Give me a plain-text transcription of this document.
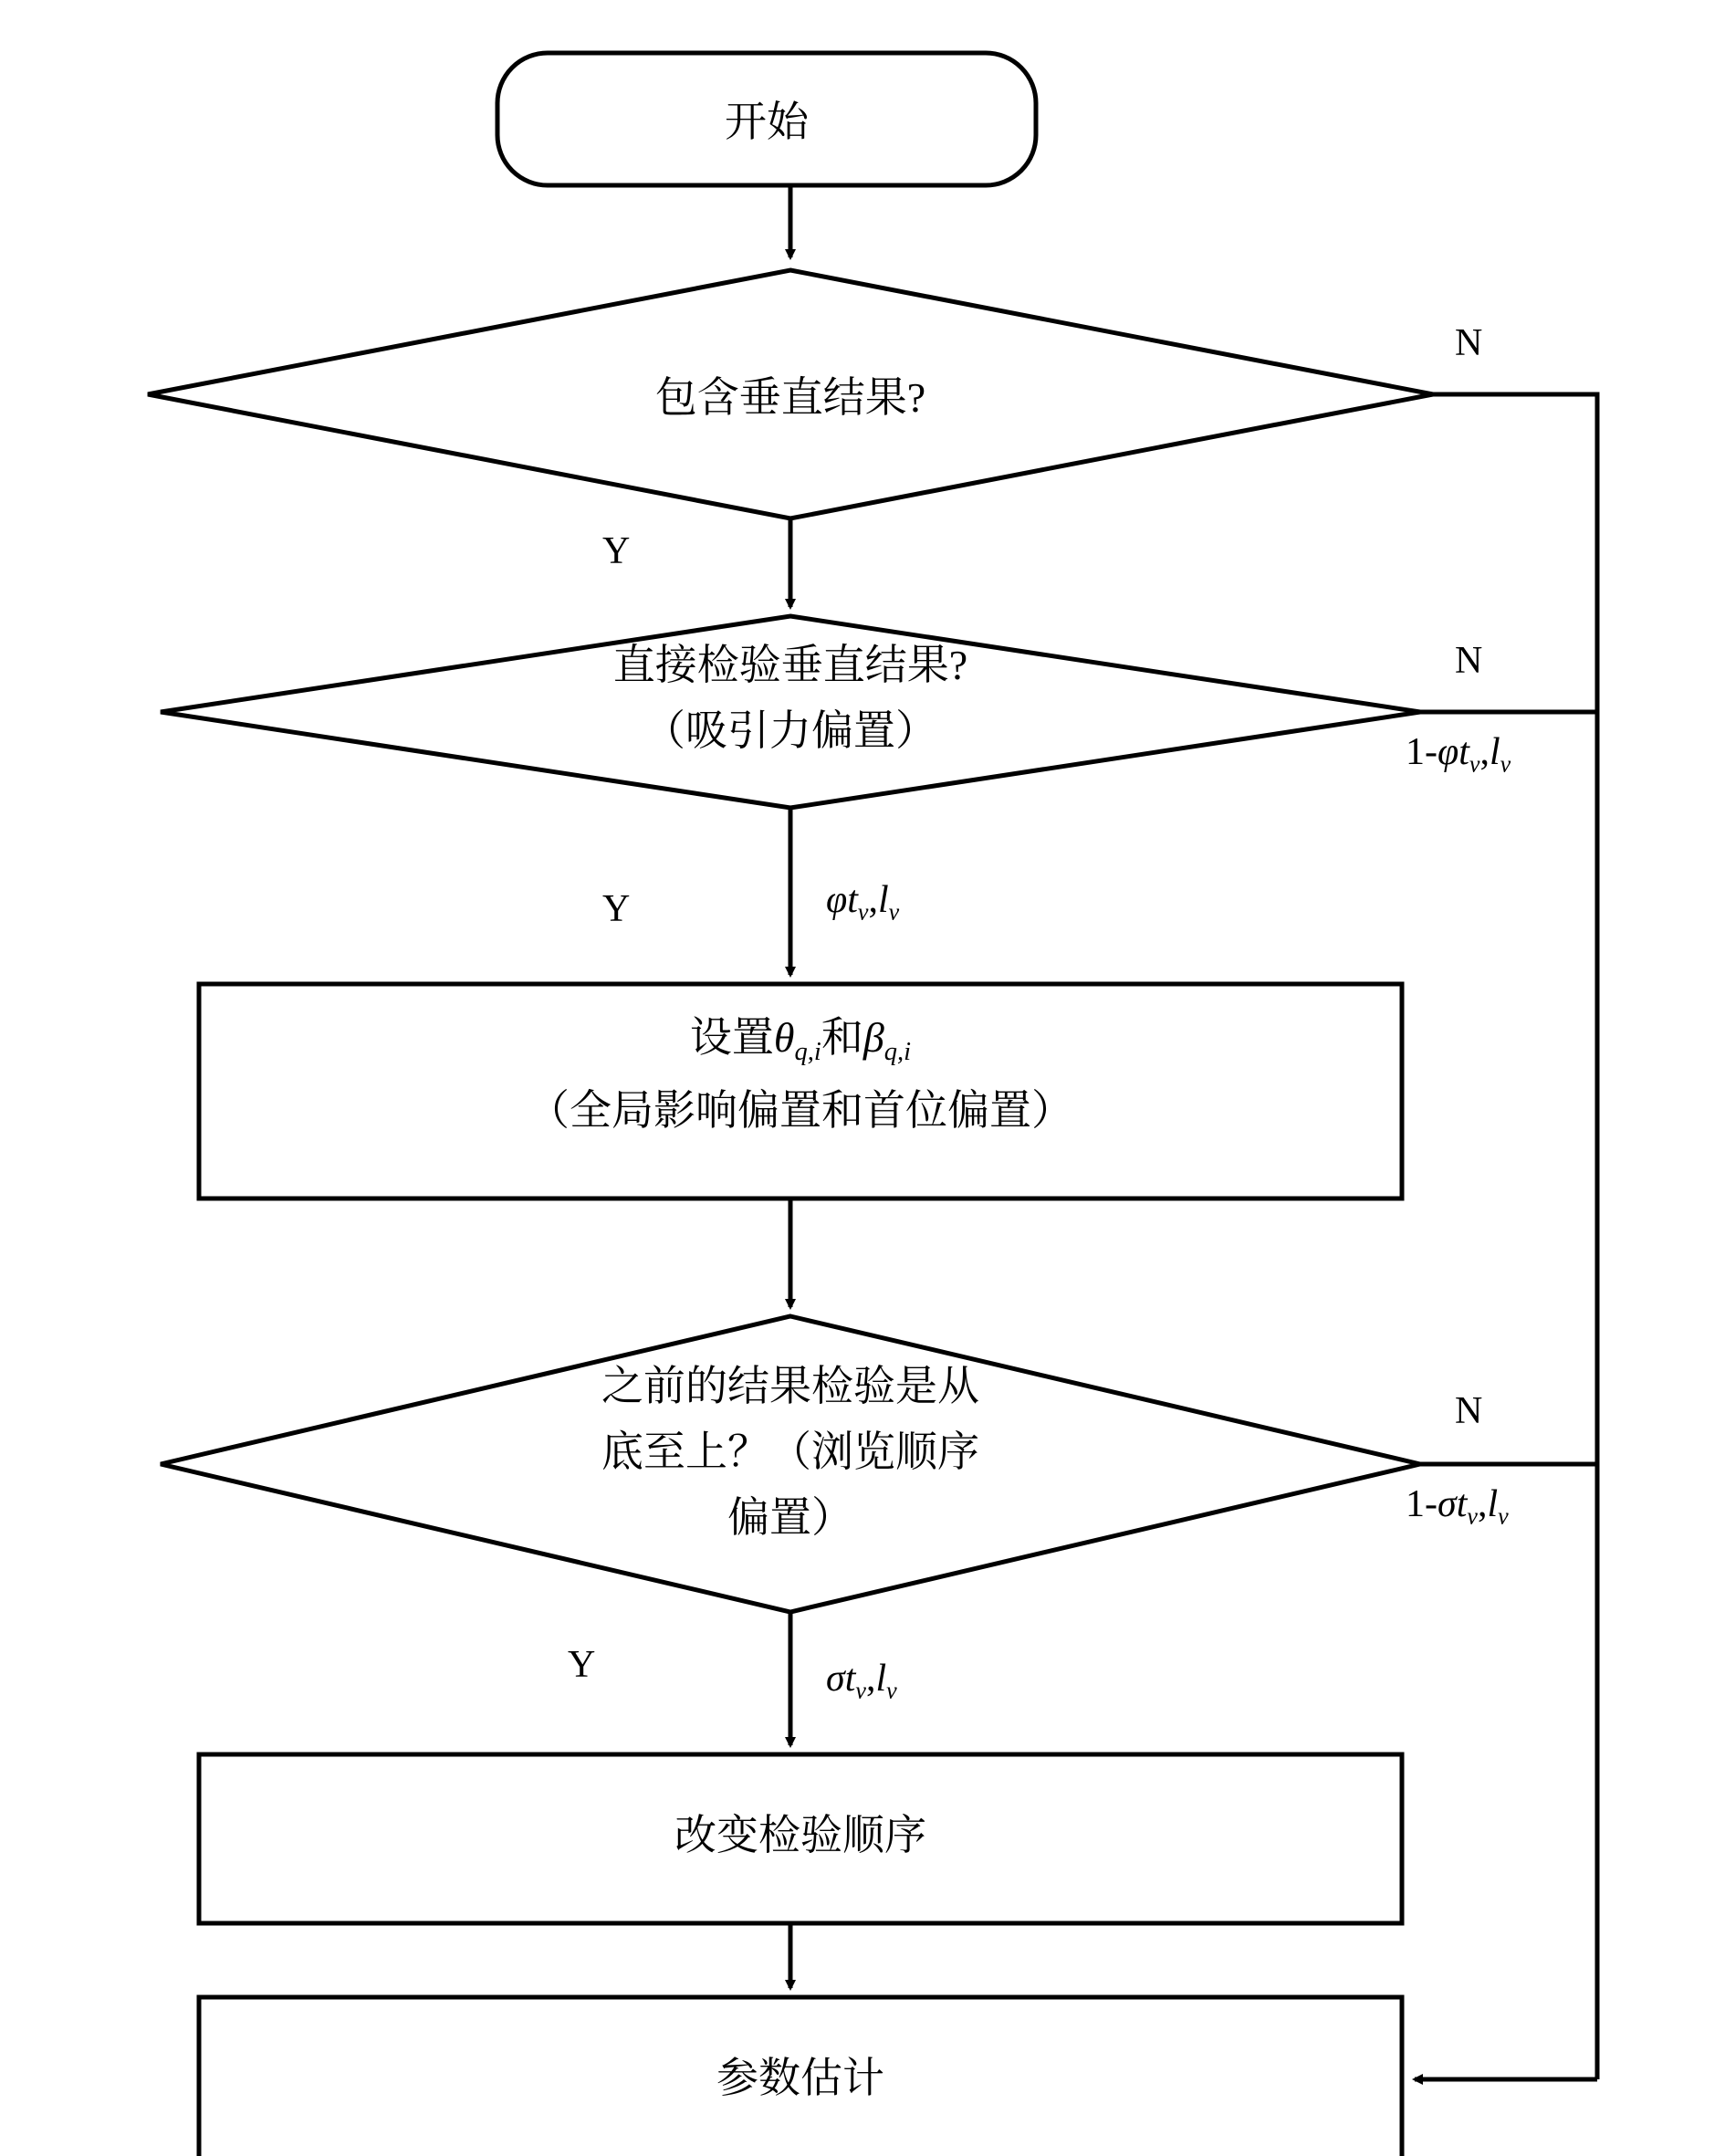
开始
包含垂直结果?
直接检验垂直结果?
（吸引力偏置）
设置$\theta_{q,i}$和$\beta_{q,i}$
（全局影响偏置和首位偏置）
之前的结果检验是从
底至上？（浏览顺序
偏置）
改变检验顺序
参数估计
N
Y
N
$1-\varphi t_v,l_v$
Y	$\varphi t_v,l_v$
N
$1-\sigma t_v,l_v$
Y	$\sigma t_v,l_v$
